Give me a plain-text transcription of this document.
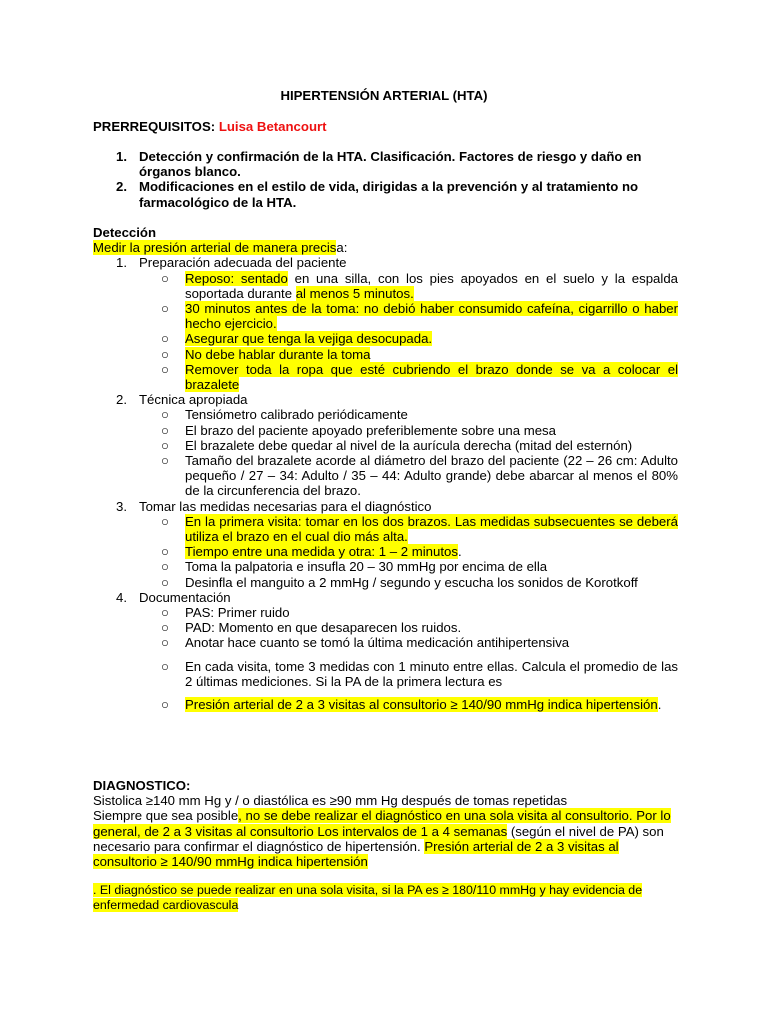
HIPERTENSIÓN ARTERIAL (HTA)
PRERREQUISITOS: Luisa Betancourt
1. Detección y confirmación de la HTA. Clasificación. Factores de riesgo y daño en órganos blanco.
2. Modificaciones en el estilo de vida, dirigidas a la prevención y al tratamiento no farmacológico de la HTA.
Detección
Medir la presión arterial de manera precisa:
1. Preparación adecuada del paciente
○ Reposo: sentado en una silla, con los pies apoyados en el suelo y la espalda soportada durante al menos 5 minutos.
○ 30 minutos antes de la toma: no debió haber consumido cafeína, cigarrillo o haber hecho ejercicio.
○ Asegurar que tenga la vejiga desocupada.
○ No debe hablar durante la toma
○ Remover toda la ropa que esté cubriendo el brazo donde se va a colocar el brazalete
2. Técnica apropiada
○ Tensiómetro calibrado periódicamente
○ El brazo del paciente apoyado preferiblemente sobre una mesa
○ El brazalete debe quedar al nivel de la aurícula derecha (mitad del esternón)
○ Tamaño del brazalete acorde al diámetro del brazo del paciente (22 – 26 cm: Adulto pequeño / 27 – 34: Adulto / 35 – 44: Adulto grande) debe abarcar al menos el 80% de la circunferencia del brazo.
3. Tomar las medidas necesarias para el diagnóstico
○ En la primera visita: tomar en los dos brazos. Las medidas subsecuentes se deberá utiliza el brazo en el cual dio más alta.
○ Tiempo entre una medida y otra: 1 – 2 minutos.
○ Toma la palpatoria e insufla 20 – 30 mmHg por encima de ella
○ Desinfla el manguito a 2 mmHg / segundo y escucha los sonidos de Korotkoff
4. Documentación
○ PAS: Primer ruido
○ PAD: Momento en que desaparecen los ruidos.
○ Anotar hace cuanto se tomó la última medicación antihipertensiva
○ En cada visita, tome 3 medidas con 1 minuto entre ellas. Calcula el promedio de las 2 últimas mediciones. Si la PA de la primera lectura es
○ Presión arterial de 2 a 3 visitas al consultorio ≥ 140/90 mmHg indica hipertensión.
DIAGNOSTICO:
Sistolica ≥140 mm Hg y / o diastólica es ≥90 mm Hg después de tomas repetidas
Siempre que sea posible, no se debe realizar el diagnóstico en una sola visita al consultorio. Por lo general, de 2 a 3 visitas al consultorio Los intervalos de 1 a 4 semanas (según el nivel de PA) son necesario para confirmar el diagnóstico de hipertensión. Presión arterial de 2 a 3 visitas al consultorio ≥ 140/90 mmHg indica hipertensión
. El diagnóstico se puede realizar en una sola visita, si la PA es ≥ 180/110 mmHg y hay evidencia de enfermedad cardiovascula
